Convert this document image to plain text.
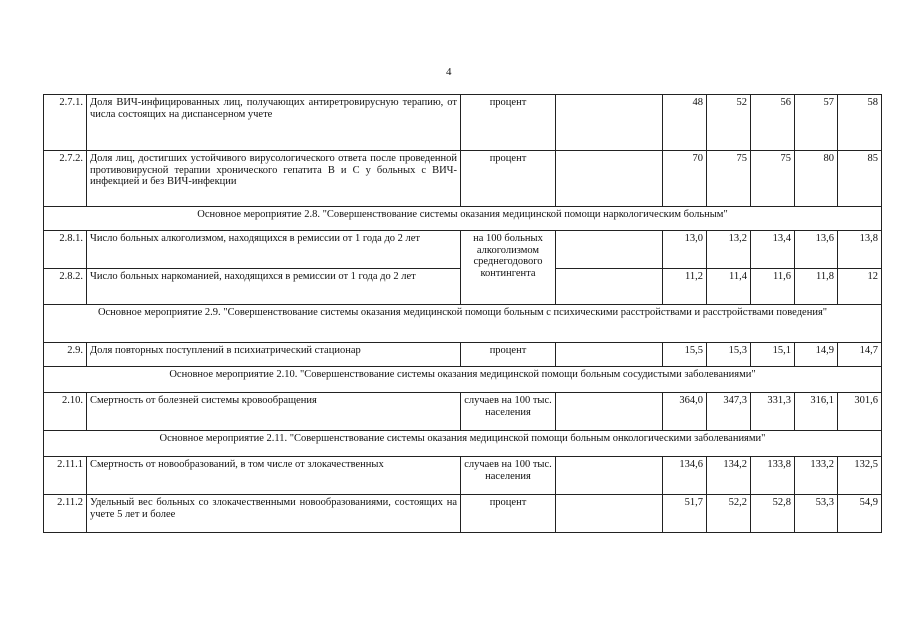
4
2.7.1.	Доля ВИЧ-инфицированных лиц, получающих антиретровирусную терапию, от числа состоящих на диспансерном учете	процент		48	52	56	57	58
2.7.2.	Доля лиц, достигших устойчивого вирусологического ответа после проведенной противовирусной терапии хронического гепатита В и С у больных с ВИЧ-инфекцией и без ВИЧ-инфекции	процент		70	75	75	80	85
Основное мероприятие 2.8. "Совершенствование системы оказания медицинской помощи наркологическим больным"								
2.8.1.	Число больных алкоголизмом, находящихся в ремиссии от 1 года до 2 лет	на 100 больных алкоголизмом среднегодового контингента		13,0	13,2	13,4	13,6	13,8
2.8.2.	Число больных наркоманией, находящихся в ремиссии от 1 года до 2 лет			11,2	11,4	11,6	11,8	12
Основное мероприятие 2.9. "Совершенствование системы оказания медицинской помощи больным с психическими расстройствами и расстройствами поведения"								
2.9.	Доля повторных поступлений в психиатрический стационар	процент		15,5	15,3	15,1	14,9	14,7
Основное мероприятие 2.10. "Совершенствование системы оказания медицинской помощи больным сосудистыми заболеваниями"								
2.10.	Смертность от болезней системы кровообращения	случаев на 100 тыс. населения		364,0	347,3	331,3	316,1	301,6
Основное мероприятие 2.11. "Совершенствование системы оказания медицинской помощи больным онкологическими заболеваниями"								
2.11.1	Смертность от новообразований, в том числе от злокачественных	случаев на 100 тыс. населения		134,6	134,2	133,8	133,2	132,5
2.11.2	Удельный вес больных со злокачественными новообразованиями, состоящих на учете 5 лет и более	процент		51,7	52,2	52,8	53,3	54,9
